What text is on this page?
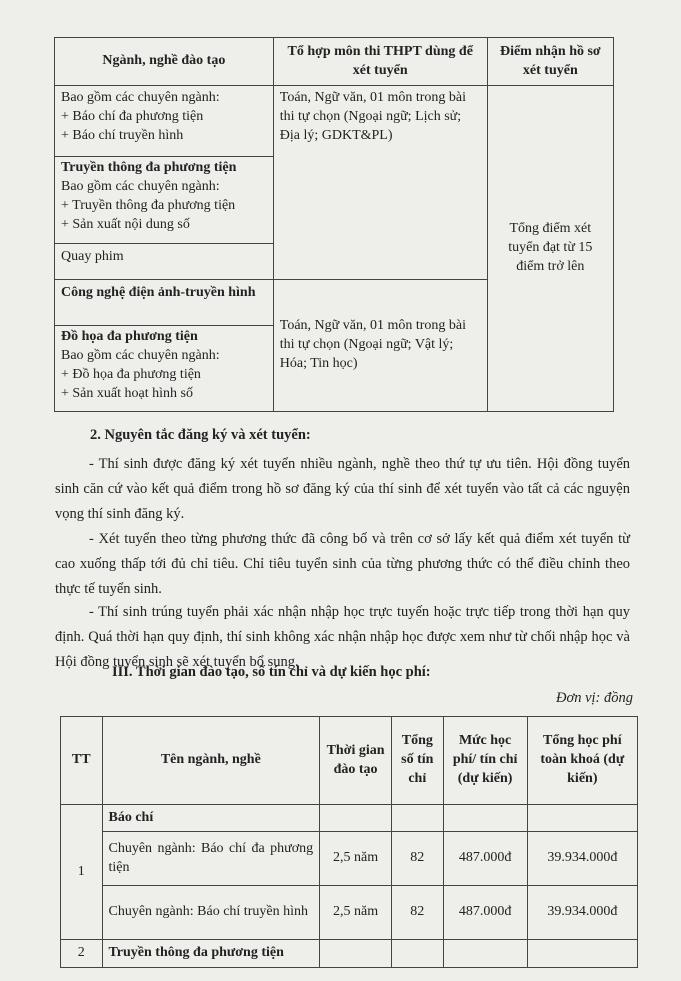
Ngành, nghề đào tạo	Tổ hợp môn thi THPT dùng để xét tuyển	Điểm nhận hồ sơ xét tuyển

Bao gồm các chuyên ngành:
+ Báo chí đa phương tiện
+ Báo chí truyền hình	Toán, Ngữ văn, 01 môn trong bài thi tự chọn (Ngoại ngữ; Lịch sử; Địa lý; GDKT&PL)	Tổng điểm xét tuyển đạt từ 15 điểm trở lên

Truyền thông đa phương tiện
Bao gồm các chuyên ngành:
+ Truyền thông đa phương tiện
+ Sản xuất nội dung số		

Quay phim		
Công nghệ điện ảnh-truyền hình	Toán, Ngữ văn, 01 môn trong bài thi tự chọn (Ngoại ngữ; Vật lý; Hóa; Tin học)	

Đồ họa đa phương tiện
Bao gồm các chuyên ngành:
+ Đồ họa đa phương tiện
+ Sản xuất hoạt hình số		
2. Nguyên tắc đăng ký và xét tuyển:
- Thí sinh được đăng ký xét tuyển nhiều ngành, nghề theo thứ tự ưu tiên. Hội đồng tuyển sinh căn cứ vào kết quả điểm trong hồ sơ đăng ký của thí sinh để xét tuyển vào tất cả các nguyện vọng thí sinh đăng ký.
- Xét tuyển theo từng phương thức đã công bố và trên cơ sở lấy kết quả điểm xét tuyển từ cao xuống thấp tới đủ chỉ tiêu. Chỉ tiêu tuyển sinh của từng phương thức có thể điều chỉnh theo thực tế tuyển sinh.
- Thí sinh trúng tuyển phải xác nhận nhập học trực tuyến hoặc trực tiếp trong thời hạn quy định. Quá thời hạn quy định, thí sinh không xác nhận nhập học được xem như từ chối nhập học và Hội đồng tuyển sinh sẽ xét tuyển bổ sung.
III. Thời gian đào tạo, số tín chỉ và dự kiến học phí:
Đơn vị: đồng
TT	Tên ngành, nghề	Thời gian đào tạo	Tổng số tín chỉ	Mức học phí/ tín chỉ (dự kiến)	Tổng học phí toàn khoá (dự kiến)
1	Báo chí				
	Chuyên ngành: Báo chí đa phương tiện	2,5 năm	82	487.000đ	39.934.000đ
	Chuyên ngành: Báo chí truyền hình	2,5 năm	82	487.000đ	39.934.000đ
2	Truyền thông đa phương tiện				
